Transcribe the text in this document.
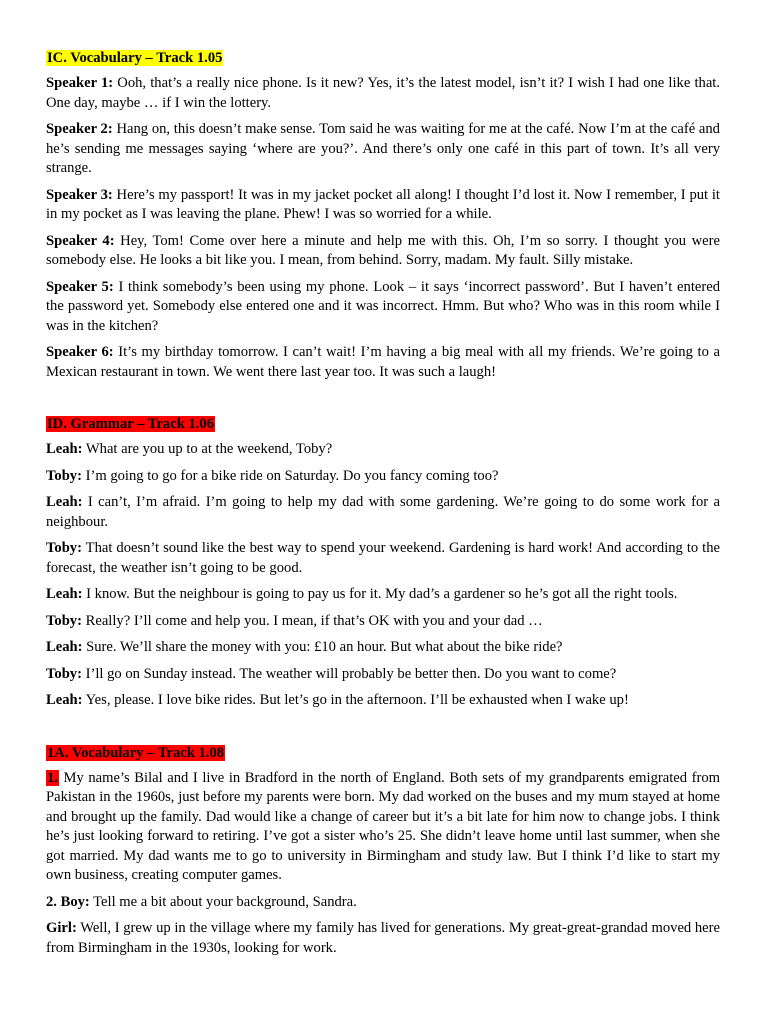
IC. Vocabulary – Track 1.05

Speaker 1: Ooh, that’s a really nice phone. Is it new? Yes, it’s the latest model, isn’t it? I wish I had one like that. One day, maybe … if I win the lottery.

Speaker 2: Hang on, this doesn’t make sense. Tom said he was waiting for me at the café. Now I’m at the café and he’s sending me messages saying ‘where are you?’. And there’s only one café in this part of town. It’s all very strange.

Speaker 3: Here’s my passport! It was in my jacket pocket all along! I thought I’d lost it. Now I remember, I put it in my pocket as I was leaving the plane. Phew! I was so worried for a while.

Speaker 4: Hey, Tom! Come over here a minute and help me with this. Oh, I’m so sorry. I thought you were somebody else. He looks a bit like you. I mean, from behind. Sorry, madam. My fault. Silly mistake.

Speaker 5: I think somebody’s been using my phone. Look – it says ‘incorrect password’. But I haven’t entered the password yet. Somebody else entered one and it was incorrect. Hmm. But who? Who was in this room while I was in the kitchen?

Speaker 6: It’s my birthday tomorrow. I can’t wait! I’m having a big meal with all my friends. We’re going to a Mexican restaurant in town. We went there last year too. It was such a laugh!

ID. Grammar – Track 1.06

Leah: What are you up to at the weekend, Toby?

Toby: I’m going to go for a bike ride on Saturday. Do you fancy coming too?

Leah: I can’t, I’m afraid. I’m going to help my dad with some gardening. We’re going to do some work for a neighbour.

Toby: That doesn’t sound like the best way to spend your weekend. Gardening is hard work! And according to the forecast, the weather isn’t going to be good.

Leah: I know. But the neighbour is going to pay us for it. My dad’s a gardener so he’s got all the right tools.

Toby: Really? I’ll come and help you. I mean, if that’s OK with you and your dad …

Leah: Sure. We’ll share the money with you: £10 an hour. But what about the bike ride?

Toby: I’ll go on Sunday instead. The weather will probably be better then. Do you want to come?

Leah: Yes, please. I love bike rides. But let’s go in the afternoon. I’ll be exhausted when I wake up!

1A. Vocabulary – Track 1.08

1. My name’s Bilal and I live in Bradford in the north of England. Both sets of my grandparents emigrated from Pakistan in the 1960s, just before my parents were born. My dad worked on the buses and my mum stayed at home and brought up the family. Dad would like a change of career but it’s a bit late for him now to change jobs. I think he’s just looking forward to retiring. I’ve got a sister who’s 25. She didn’t leave home until last summer, when she got married. My dad wants me to go to university in Birmingham and study law. But I think I’d like to start my own business, creating computer games.

2. Boy: Tell me a bit about your background, Sandra.

Girl: Well, I grew up in the village where my family has lived for generations. My great-great-grandad moved here from Birmingham in the 1930s, looking for work.
